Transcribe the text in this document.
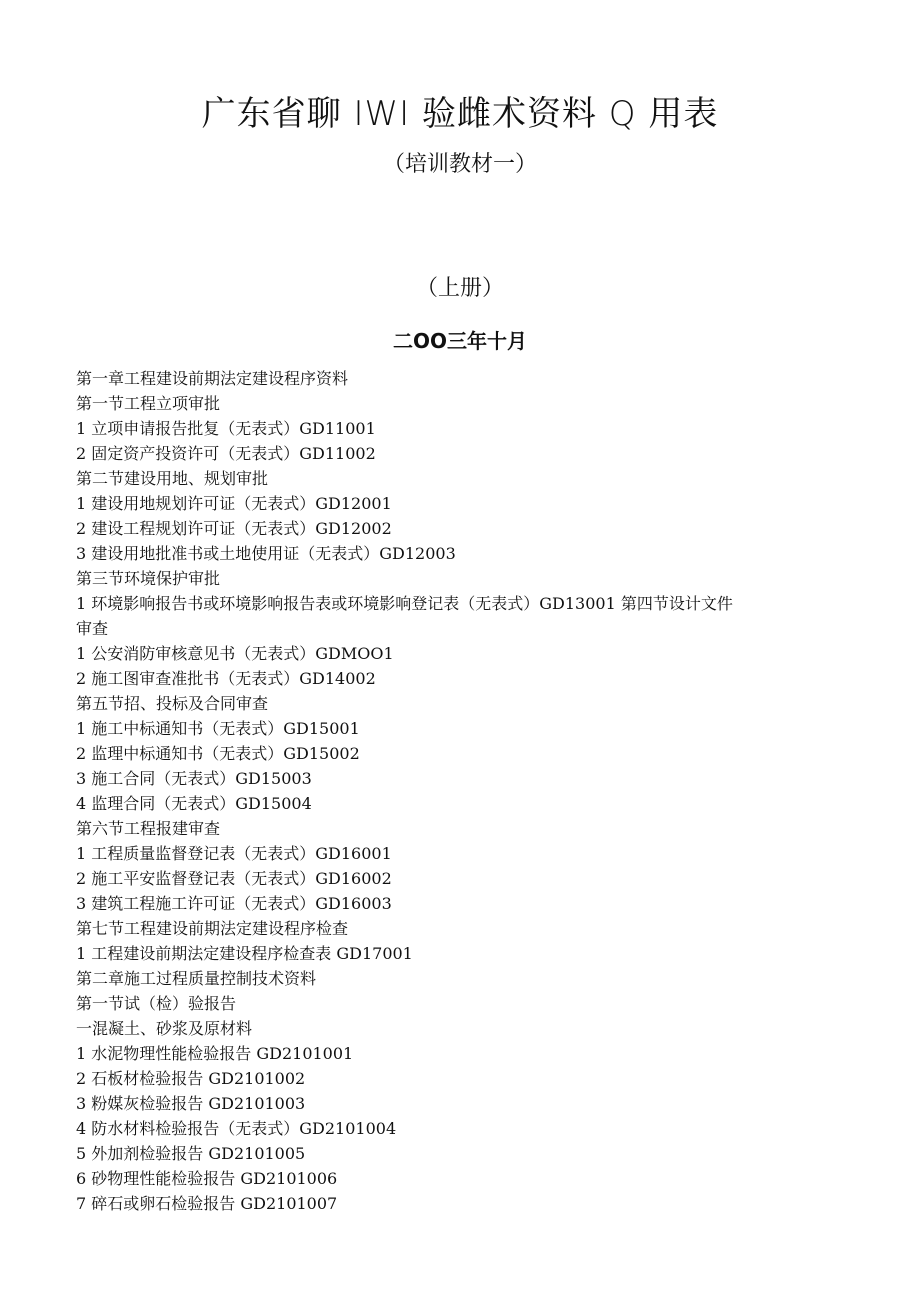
广东省聊 IWI 验雌术资料 Q 用表
（培训教材一）
（上册）
二OO三年十月
第一章工程建设前期法定建设程序资料
第一节工程立项审批
1 立项申请报告批复（无表式）GD11001
2 固定资产投资许可（无表式）GD11002
第二节建设用地、规划审批
1 建设用地规划许可证（无表式）GD12001
2 建设工程规划许可证（无表式）GD12002
3 建设用地批准书或土地使用证（无表式）GD12003
第三节环境保护审批
1 环境影响报告书或环境影响报告表或环境影响登记表（无表式）GD13001 第四节设计文件
审查
1 公安消防审核意见书（无表式）GDMOO1
2 施工图审查准批书（无表式）GD14002
第五节招、投标及合同审查
1 施工中标通知书（无表式）GD15001
2 监理中标通知书（无表式）GD15002
3 施工合同（无表式）GD15003
4 监理合同（无表式）GD15004
第六节工程报建审查
1 工程质量监督登记表（无表式）GD16001
2 施工平安监督登记表（无表式）GD16002
3 建筑工程施工许可证（无表式）GD16003
第七节工程建设前期法定建设程序检查
1 工程建设前期法定建设程序检查表 GD17001
第二章施工过程质量控制技术资料
第一节试（检）验报告
一混凝土、砂浆及原材料
1 水泥物理性能检验报告 GD2101001
2 石板材检验报告 GD2101002
3 粉媒灰检验报告 GD2101003
4 防水材料检验报告（无表式）GD2101004
5 外加剂检验报告 GD2101005
6 砂物理性能检验报告 GD2101006
7 碎石或卵石检验报告 GD2101007
